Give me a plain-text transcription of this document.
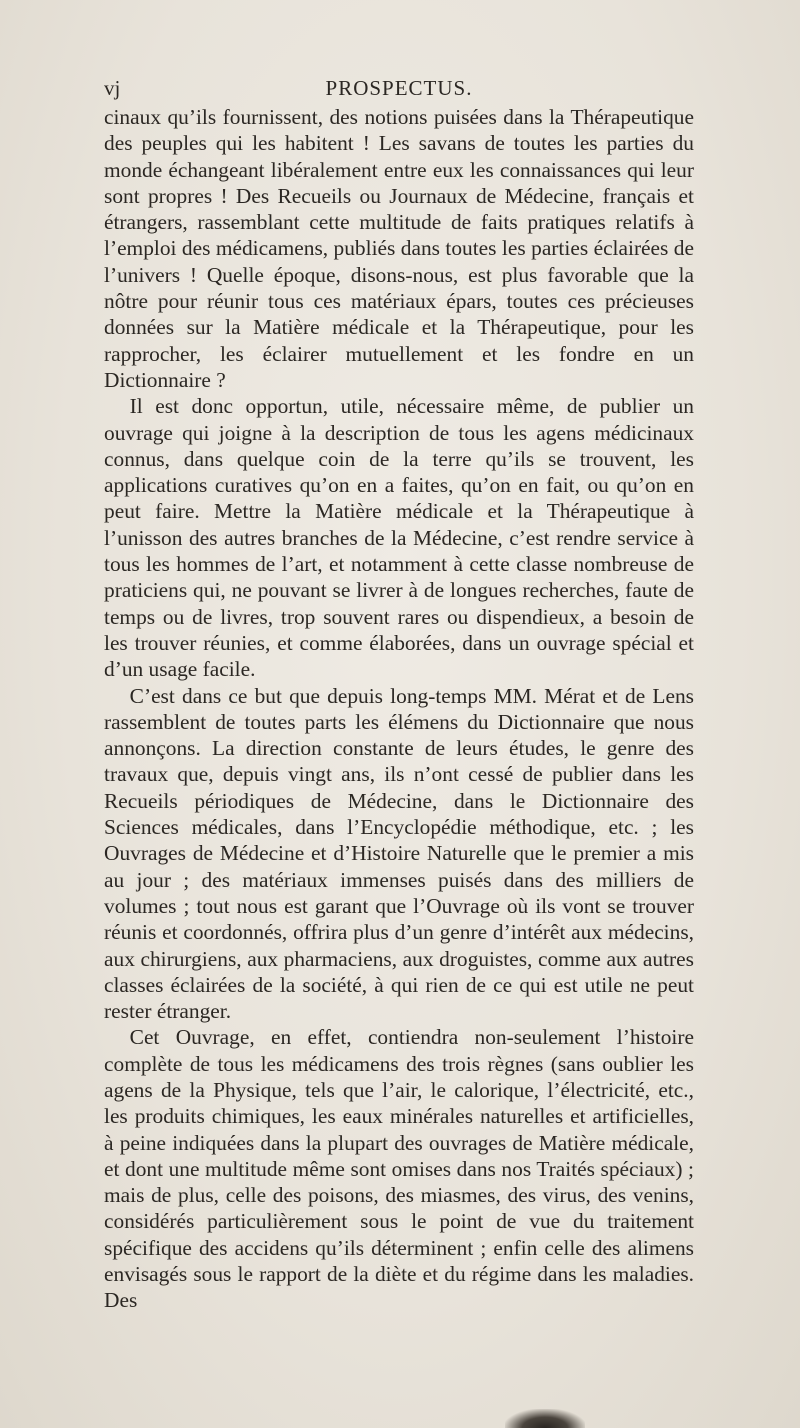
vj	PROSPECTUS.

cinaux qu’ils fournissent, des notions puisées dans la Thérapeutique des peuples qui les habitent ! Les savans de toutes les parties du monde échangeant libéralement entre eux les connaissances qui leur sont propres ! Des Recueils ou Journaux de Médecine, français et étrangers, rassemblant cette multitude de faits pratiques relatifs à l’emploi des médicamens, publiés dans toutes les parties éclairées de l’univers ! Quelle époque, disons-nous, est plus favorable que la nôtre pour réunir tous ces matériaux épars, toutes ces précieuses données sur la Matière médicale et la Thérapeutique, pour les rapprocher, les éclairer mutuellement et les fondre en un Dictionnaire ?

Il est donc opportun, utile, nécessaire même, de publier un ouvrage qui joigne à la description de tous les agens médicinaux connus, dans quelque coin de la terre qu’ils se trouvent, les applications curatives qu’on en a faites, qu’on en fait, ou qu’on en peut faire. Mettre la Matière médicale et la Thérapeutique à l’unisson des autres branches de la Médecine, c’est rendre service à tous les hommes de l’art, et notamment à cette classe nombreuse de praticiens qui, ne pouvant se livrer à de longues recherches, faute de temps ou de livres, trop souvent rares ou dispendieux, a besoin de les trouver réunies, et comme élaborées, dans un ouvrage spécial et d’un usage facile.

C’est dans ce but que depuis long-temps MM. Mérat et de Lens rassemblent de toutes parts les élémens du Dictionnaire que nous annonçons. La direction constante de leurs études, le genre des travaux que, depuis vingt ans, ils n’ont cessé de publier dans les Recueils périodiques de Médecine, dans le Dictionnaire des Sciences médicales, dans l’Encyclopédie méthodique, etc. ; les Ouvrages de Médecine et d’Histoire Naturelle que le premier a mis au jour ; des matériaux immenses puisés dans des milliers de volumes ; tout nous est garant que l’Ouvrage où ils vont se trouver réunis et coordonnés, offrira plus d’un genre d’intérêt aux médecins, aux chirurgiens, aux pharmaciens, aux droguistes, comme aux autres classes éclairées de la société, à qui rien de ce qui est utile ne peut rester étranger.

Cet Ouvrage, en effet, contiendra non-seulement l’histoire complète de tous les médicamens des trois règnes (sans oublier les agens de la Physique, tels que l’air, le calorique, l’électricité, etc., les produits chimiques, les eaux minérales naturelles et artificielles, à peine indiquées dans la plupart des ouvrages de Matière médicale, et dont une multitude même sont omises dans nos Traités spéciaux) ; mais de plus, celle des poisons, des miasmes, des virus, des venins, considérés particulièrement sous le point de vue du traitement spécifique des accidens qu’ils déterminent ; enfin celle des alimens envisagés sous le rapport de la diète et du régime dans les maladies. Des
